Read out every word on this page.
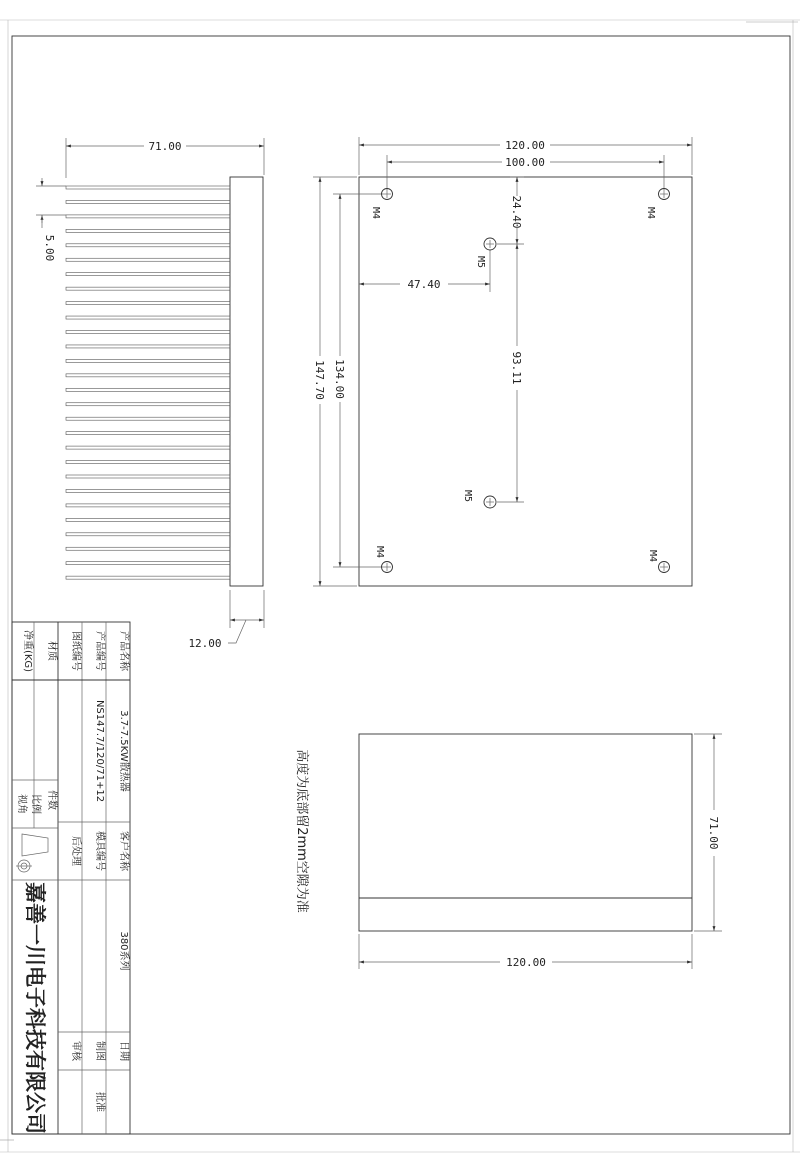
71.00
5.00
12.00
120.00
100.00
24.40
47.40
93.11
134.00
147.70
M4	M4
M5
M5
M4	M4
71.00
120.00
高度为底部留2mm空隙为准
产品名称
3.7-7.5KW散热器
客户名称
380系列
日期
产品编号
NS147.7/120/71+12
模具编号
制图
批准
图纸编号
后处理
审核
材质
件数
净重(KG)
比例
视角
嘉善一川电子科技有限公司
